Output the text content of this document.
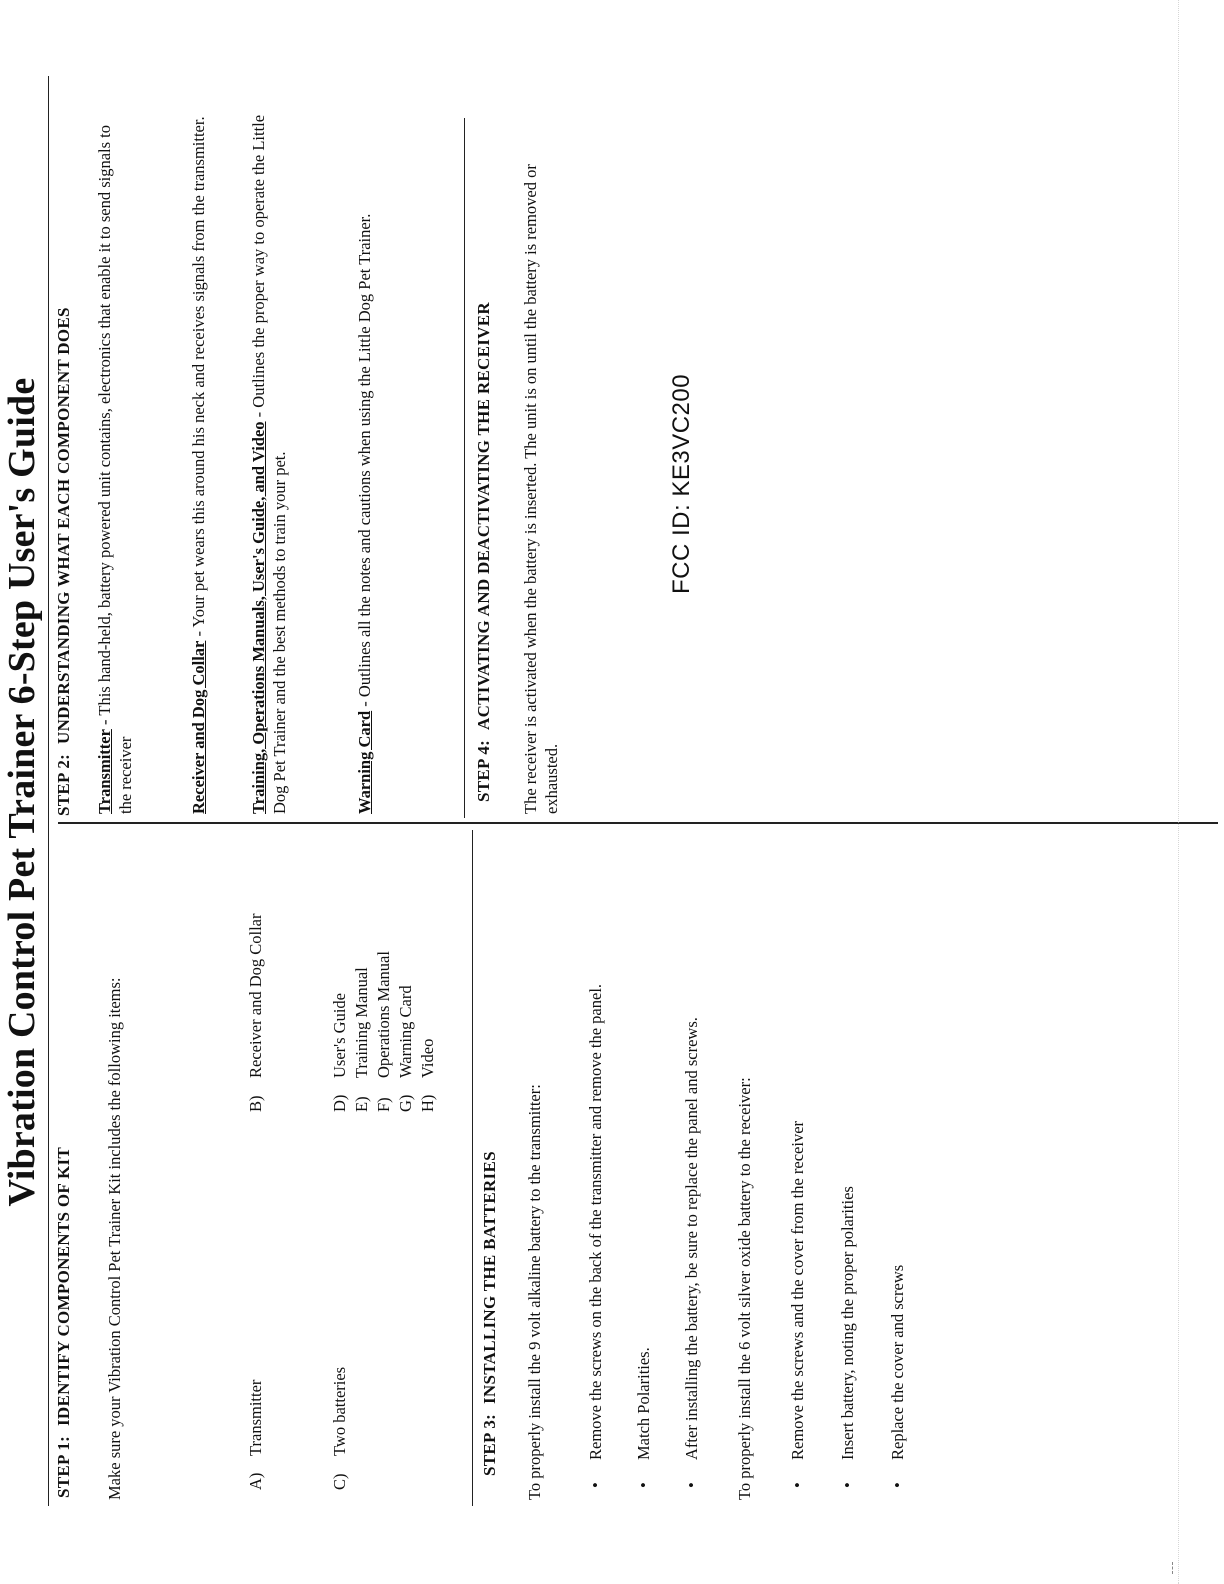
Vibration Control Pet Trainer 6-Step User's Guide
STEP 1:IDENTIFY COMPONENTS OF KIT Make sure your Vibration Control Pet Trainer Kit includes the following items:	A)Transmitter
B)Receiver and Dog Collar
C)Two batteries
D)User's Guide
E)Training Manual
F)Operations Manual
G)Warning Card
H)Video
STEP 2:UNDERSTANDING WHAT EACH COMPONENT DOES
Transmitter - This hand-held, battery powered unit contains, electronics that enable it to send signals to the receiver	Receiver and Dog Collar - Your pet wears this around his neck and receives signals from the transmitter. Training, Operations Manuals, User's Guide, and Video - Outlines the proper way to operate the Little Dog Pet Trainer and the best methods to train your pet.	Warning Card - Outlines all the notes and cautions when using the Little Dog Pet Trainer.
STEP 3:INSTALLING THE BATTERIES To properly install the 9 volt alkaline battery to the transmitter:	•Remove the screws on the back of the transmitter and remove the panel.
•Match Polarities.
•After installing the battery, be sure to replace the panel and screws. To properly install the 6 volt silver oxide battery to the receiver: •Remove the screws and the cover from the receiver
•Insert battery, noting the proper polarities
•Replace the cover and screws
STEP 4:ACTIVATING AND DEACTIVATING THE RECEIVER The receiver is activated when the battery is inserted. The unit is on until the battery is removed or exhausted.
FCC ID: KE3VC200
